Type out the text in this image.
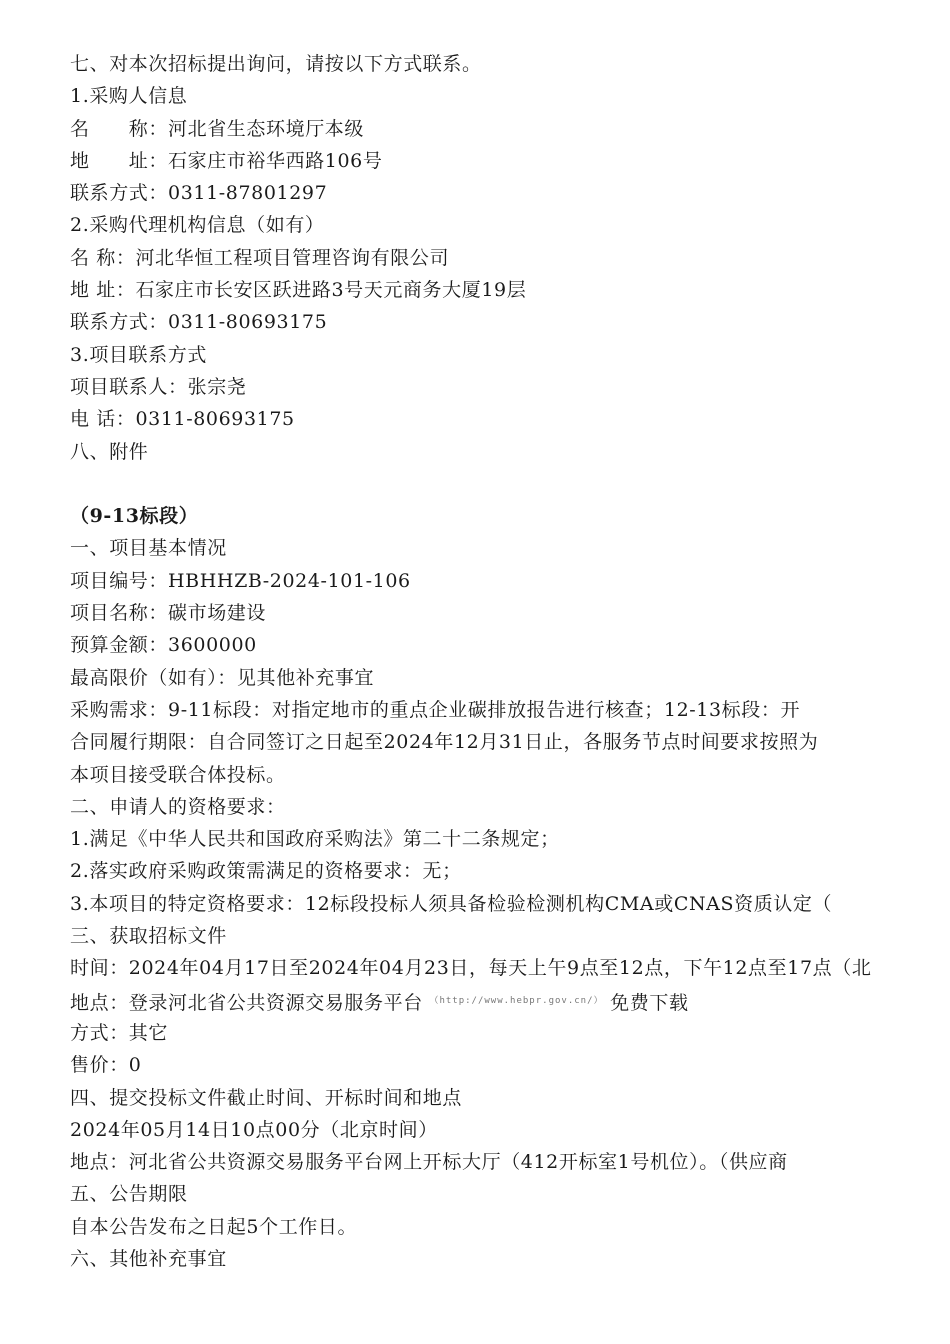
七、对本次招标提出询问，请按以下方式联系。
1.采购人信息
名　　称：河北省生态环境厅本级
地　　址：石家庄市裕华西路106号
联系方式：0311-87801297
2.采购代理机构信息（如有）
名 称：河北华恒工程项目管理咨询有限公司
地 址：石家庄市长安区跃进路3号天元商务大厦19层
联系方式：0311-80693175
3.项目联系方式
项目联系人：张宗尧
电 话：0311-80693175
八、附件
（9-13标段）
一、项目基本情况
项目编号：HBHHZB-2024-101-106
项目名称：碳市场建设
预算金额：3600000
最高限价（如有）：见其他补充事宜
采购需求：9-11标段：对指定地市的重点企业碳排放报告进行核查；12-13标段：开
合同履行期限：自合同签订之日起至2024年12月31日止，各服务节点时间要求按照为
本项目接受联合体投标。
二、申请人的资格要求：
1.满足《中华人民共和国政府采购法》第二十二条规定；
2.落实政府采购政策需满足的资格要求：无；
3.本项目的特定资格要求：12标段投标人须具备检验检测机构CMA或CNAS资质认定（
三、获取招标文件
时间：2024年04月17日至2024年04月23日，每天上午9点至12点，下午12点至17点（北
地点：登录河北省公共资源交易服务平台 $^{(http://www.hebpr.gov.cn/)}$ 免费下载
方式：其它
售价：0
四、提交投标文件截止时间、开标时间和地点
2024年05月14日10点00分（北京时间）
地点：河北省公共资源交易服务平台网上开标大厅（412开标室1号机位）。（供应商
五、公告期限
自本公告发布之日起5个工作日。
六、其他补充事宜
